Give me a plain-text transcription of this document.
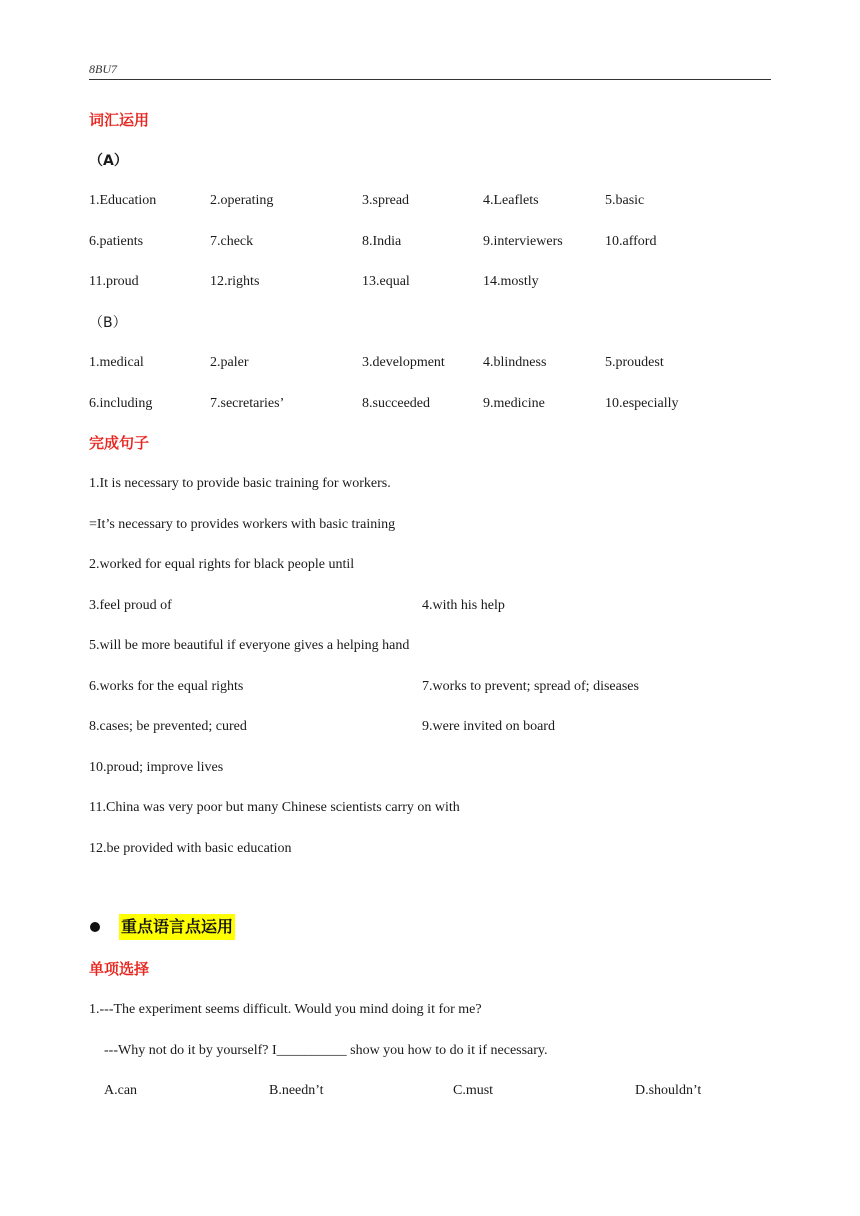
8BU7
词汇运用
（A）
1.Education	2.operating	3.spread	4.Leaflets	5.basic
6.patients	7.check	8.India	9.interviewers	10.afford
11.proud	12.rights	13.equal	14.mostly
（B）
1.medical	2.paler	3.development	4.blindness	5.proudest
6.including	7.secretaries’	8.succeeded	9.medicine	10.especially
完成句子
1.It is necessary to provide basic training for workers.
=It’s necessary to provides workers with basic training
2.worked for equal rights for black people until
3.feel proud of	4.with his help
5.will be more beautiful if everyone gives a helping hand
6.works for the equal rights	7.works to prevent; spread of; diseases
8.cases; be prevented; cured	9.were invited on board
10.proud; improve lives
11.China was very poor but many Chinese scientists carry on with
12.be provided with basic education
重点语言点运用
单项选择
1.---The experiment seems difficult. Would you mind doing it for me?
---Why not do it by yourself? I__________ show you how to do it if necessary.
A.can	B.needn’t	C.must	D.shouldn’t
